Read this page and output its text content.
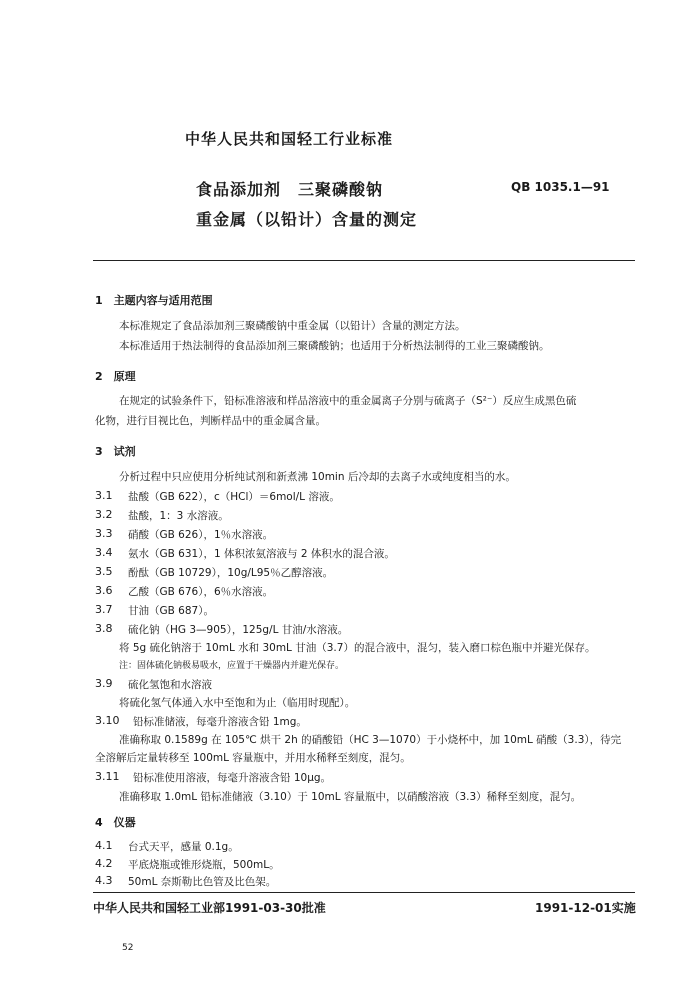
中华人民共和国轻工行业标准
食品添加剂　三聚磷酸钠
重金属（以铅计）含量的测定
QB 1035.1—91
1　主题内容与适用范围
本标准规定了食品添加剂三聚磷酸钠中重金属（以铅计）含量的测定方法。
本标准适用于热法制得的食品添加剂三聚磷酸钠；也适用于分析热法制得的工业三聚磷酸钠。
2　原理
在规定的试验条件下，铅标准溶液和样品溶液中的重金属离子分别与硫离子（S²⁻）反应生成黑色硫
化物，进行目视比色，判断样品中的重金属含量。
3　试剂
分析过程中只应使用分析纯试剂和新煮沸 10min 后冷却的去离子水或纯度相当的水。
3.1 盐酸（GB 622），c（HCl）＝6mol/L 溶液。
3.2 盐酸，1：3 水溶液。
3.3 硝酸（GB 626），1％水溶液。
3.4 氨水（GB 631），1 体积浓氨溶液与 2 体积水的混合液。
3.5 酚酞（GB 10729），10g/L95％乙醇溶液。
3.6 乙酸（GB 676），6％水溶液。
3.7 甘油（GB 687）。
3.8 硫化钠（HG 3—905），125g/L 甘油/水溶液。
将 5g 硫化钠溶于 10mL 水和 30mL 甘油（3.7）的混合液中，混匀，装入磨口棕色瓶中并避光保存。
注：固体硫化钠极易吸水，应置于干燥器内并避光保存。
3.9 硫化氢饱和水溶液
将硫化氢气体通入水中至饱和为止（临用时现配）。
3.10 铅标准储液，每毫升溶液含铅 1mg。
准确称取 0.1589g 在 105℃ 烘干 2h 的硝酸铅（HC 3—1070）于小烧杯中，加 10mL 硝酸（3.3），待完
全溶解后定量转移至 100mL 容量瓶中，并用水稀释至刻度，混匀。
3.11 铅标准使用溶液，每毫升溶液含铅 10μg。
准确移取 1.0mL 铅标准储液（3.10）于 10mL 容量瓶中，以硝酸溶液（3.3）稀释至刻度，混匀。
4　仪器
4.1 台式天平，感量 0.1g。
4.2 平底烧瓶或锥形烧瓶，500mL。
4.3 50mL 奈斯勒比色管及比色架。
中华人民共和国轻工业部1991-03-30批准	1991-12-01实施
52
